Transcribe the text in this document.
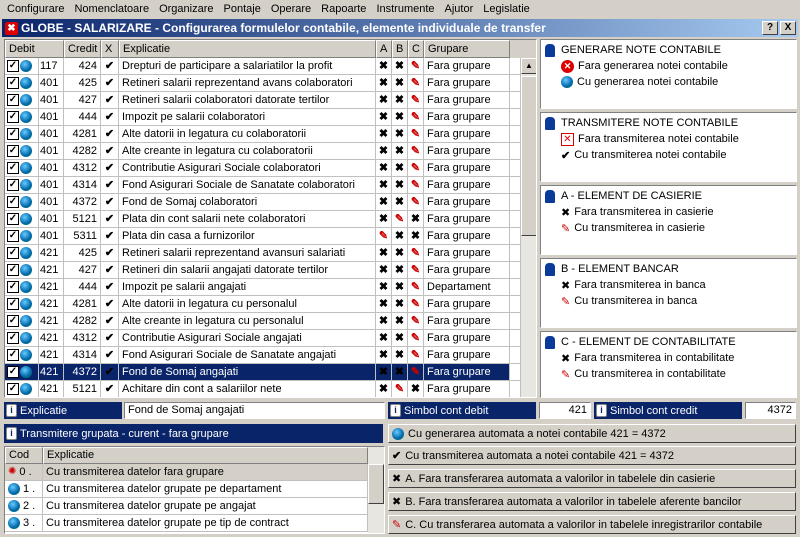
Configurare Nomenclatoare Organizare Pontaje Operare Rapoarte Instrumente Ajutor Legislatie
✖ GLOBE - SALARIZARE - Configurarea formulelor contabile, elemente individuale de transfer	?	X
Debit	Credit X Explicatie	A B C Grupare
✓ 117	424 ✔ Drepturi de participare a salariatilor la profit	✖ ✖ ✎ Fara grupare
✓ 401	425 ✔ Retineri salarii reprezentand avans colaboratori	✖ ✖ ✎ Fara grupare
✓ 401	427 ✔ Retineri salarii colaboratori datorate tertilor	✖ ✖ ✎ Fara grupare
✓ 401	444 ✔ Impozit pe salarii colaboratori	✖ ✖ ✎ Fara grupare
✓ 401	4281 ✔ Alte datorii in legatura cu colaboratorii	✖ ✖ ✎ Fara grupare
✓ 401	4282 ✔ Alte creante in legatura cu colaboratorii	✖ ✖ ✎ Fara grupare
✓ 401	4312 ✔ Contributie Asigurari Sociale colaboratori	✖ ✖ ✎ Fara grupare
✓ 401	4314 ✔ Fond Asigurari Sociale de Sanatate colaboratori	✖ ✖ ✎ Fara grupare
✓ 401	4372 ✔ Fond de Somaj colaboratori	✖ ✖ ✎ Fara grupare
✓ 401	5121 ✔ Plata din cont salarii nete colaboratori	✖ ✎ ✖ Fara grupare
✓ 401	5311 ✔ Plata din casa a furnizorilor	✎ ✖ ✖ Fara grupare
✓ 421	425 ✔ Retineri salarii reprezentand avansuri salariati	✖ ✖ ✎ Fara grupare
✓ 421	427 ✔ Retineri din salarii angajati datorate tertilor	✖ ✖ ✎ Fara grupare
✓ 421	444 ✔ Impozit pe salarii angajati	✖ ✖ ✎ Departament
✓ 421	4281 ✔ Alte datorii in legatura cu personalul	✖ ✖ ✎ Fara grupare
✓ 421	4282 ✔ Alte creante in legatura cu personalul	✖ ✖ ✎ Fara grupare
✓ 421	4312 ✔ Contributie Asigurari Sociale angajati	✖ ✖ ✎ Fara grupare
✓ 421	4314 ✔ Fond Asigurari Sociale de Sanatate angajati	✖ ✖ ✎ Fara grupare
✓ 421	4372 ✔ Fond de Somaj angajati	✖ ✖ ✎ Fara grupare
✓ 421	5121 ✔ Achitare din cont a salariilor nete	✖ ✎ ✖ Fara grupare
▲
GENERARE NOTE CONTABILE
✕ Fara generarea notei contabile
Cu generarea notei contabile
TRANSMITERE NOTE CONTABILE
✕ Fara transmiterea notei contabile
✔ Cu transmiterea notei contabile
A - ELEMENT DE CASIERIE
✖ Fara transmiterea in casierie
✎ Cu transmiterea in casierie
B - ELEMENT BANCAR
✖ Fara transmiterea in banca
✎ Cu transmiterea in banca
C - ELEMENT DE CONTABILITATE
✖ Fara transmiterea in contabilitate
✎ Cu transmiterea in contabilitate
i Explicatie	Fond de Somaj angajati	i Simbol cont debit	421	i Simbol cont credit	4372
i Transmitere grupata - curent - fara grupare	Cu generarea automata a notei contabile 421 = 4372
✔ Cu transmiterea automata a notei contabile 421 = 4372
✖ A. Fara transferarea automata a valorilor in tabelele din casierie
✖ B. Fara transferarea automata a valorilor in tabelele aferente bancilor
✎ C. Cu transferarea automata a valorilor in tabelele inregistrarilor contabile
Cod	Explicatie
✺ 0 . Cu transmiterea datelor fara grupare
1 . Cu transmiterea datelor grupate pe departament
2 . Cu transmiterea datelor grupate pe angajat
3 . Cu transmiterea datelor grupate pe tip de contract
